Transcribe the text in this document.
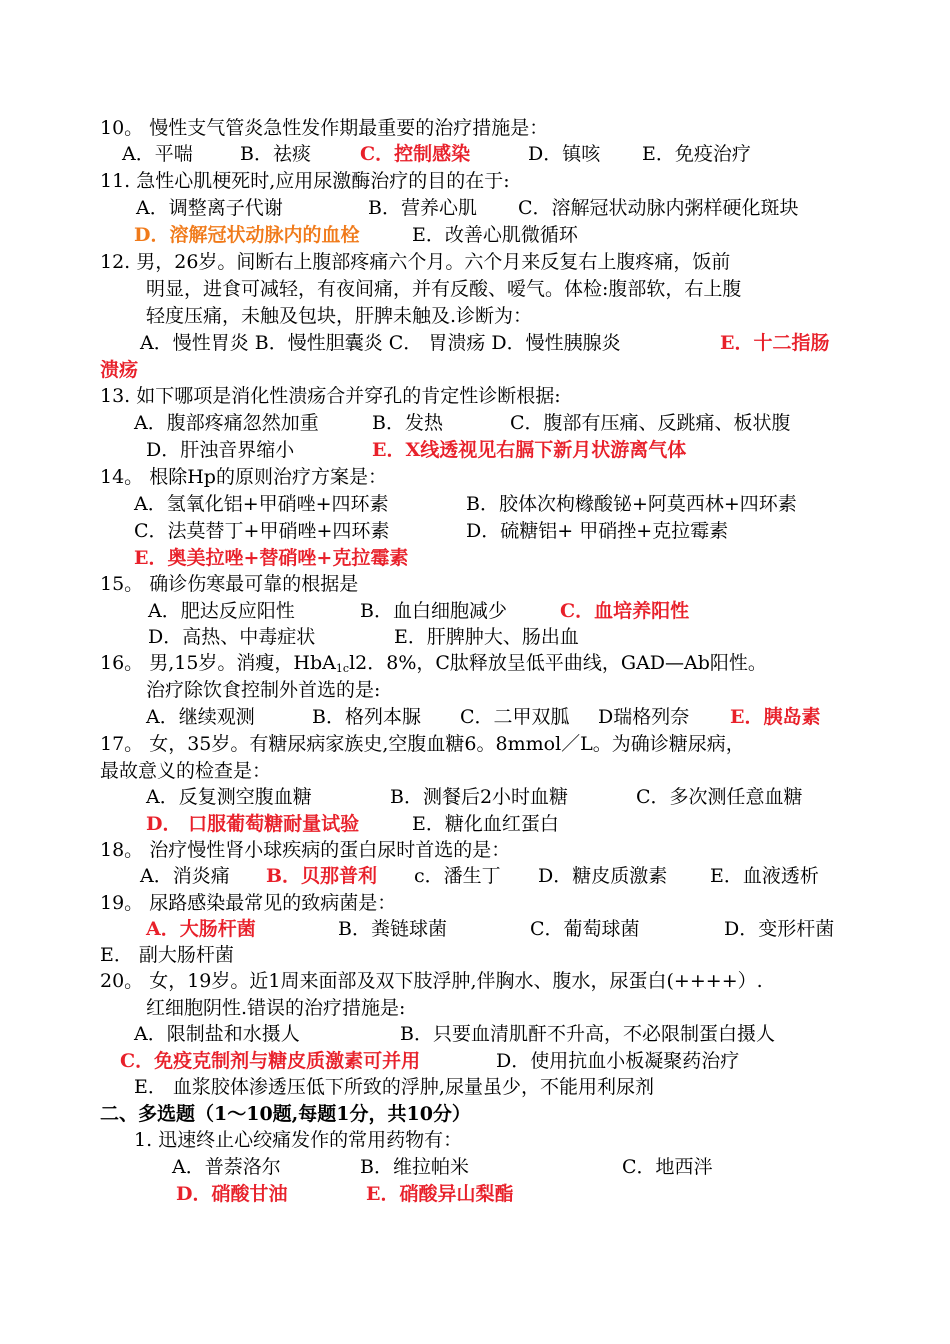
10。 慢性支气管炎急性发作期最重要的治疗措施是：
A．平喘 B．祛痰	C．控制感染	D．镇咳 E．免疫治疗
11. 急性心肌梗死时,应用尿激酶治疗的目的在于:
A．调整离子代谢	B．营养心肌 C．溶解冠状动脉内粥样硬化斑块
D．溶解冠状动脉内的血栓	E．改善心肌微循环
12. 男，26岁。间断右上腹部疼痛六个月。六个月来反复右上腹疼痛，饭前
明显，进食可减轻，有夜间痛，并有反酸、嗳气。体检:腹部软，右上腹
轻度压痛，未触及包块，肝脾未触及.诊断为：
A．慢性胃炎 B．慢性胆囊炎 C． 胃溃疡 D．慢性胰腺炎	E．十二指肠
溃疡
13. 如下哪项是消化性溃疡合并穿孔的肯定性诊断根据:
A．腹部疼痛忽然加重	B．发热	C．腹部有压痛、反跳痛、板状腹
D．肝浊音界缩小	E．X线透视见右膈下新月状游离气体
14。 根除Hp的原则治疗方案是：
A．氢氧化铝+甲硝唑+四环素	B．胶体次枸橼酸铋+阿莫西林+四环素
C．法莫替丁+甲硝唑+四环素	D．硫糖铝+ 甲硝挫+克拉霉素
E．奥美拉唑+替硝唑+克拉霉素
15。 确诊伤寒最可靠的根据是
A．肥达反应阳性	B．血白细胞减少	C．血培养阳性
D．高热、中毒症状	E．肝脾肿大、肠出血
16。 男,15岁。消瘦，HbA$_{1c}$l2．8%，C肽释放呈低平曲线，GAD—Ab阳性。
治疗除饮食控制外首选的是:
A．继续观测	B．格列本脲 C．二甲双胍 D瑞格列奈 E．胰岛素
17。 女，35岁。有糖尿病家族史,空腹血糖6。8mmol／L。为确诊糖尿病，
最故意义的检查是：
A．反复测空腹血糖	B．测餐后2小时血糖	C．多次测任意血糖
D． 口服葡萄糖耐量试验	E．糖化血红蛋白
18。 治疗慢性肾小球疾病的蛋白尿时首选的是：
A．消炎痛 B．贝那普利 c．潘生丁 D．糖皮质激素 E．血液透析
19。 尿路感染最常见的致病菌是：
A．大肠杆菌	B．粪链球菌	C．葡萄球菌	D．变形杆菌
E． 副大肠杆菌
20。 女，19岁。近1周来面部及双下肢浮肿,伴胸水、腹水，尿蛋白(++++）.
红细胞阴性.错误的治疗措施是:
A．限制盐和水摄人	B．只要血清肌酐不升高，不必限制蛋白摄人
C．免疫克制剂与糖皮质激素可并用	D．使用抗血小板凝聚药治疗
E． 血浆胶体渗透压低下所致的浮肿,尿量虽少，不能用利尿剂
二、多选题（1～10题,每题1分，共10分）
1. 迅速终止心绞痛发作的常用药物有：
A．普萘洛尔	B．维拉帕米	C．地西泮
D．硝酸甘油	E．硝酸异山梨酯
